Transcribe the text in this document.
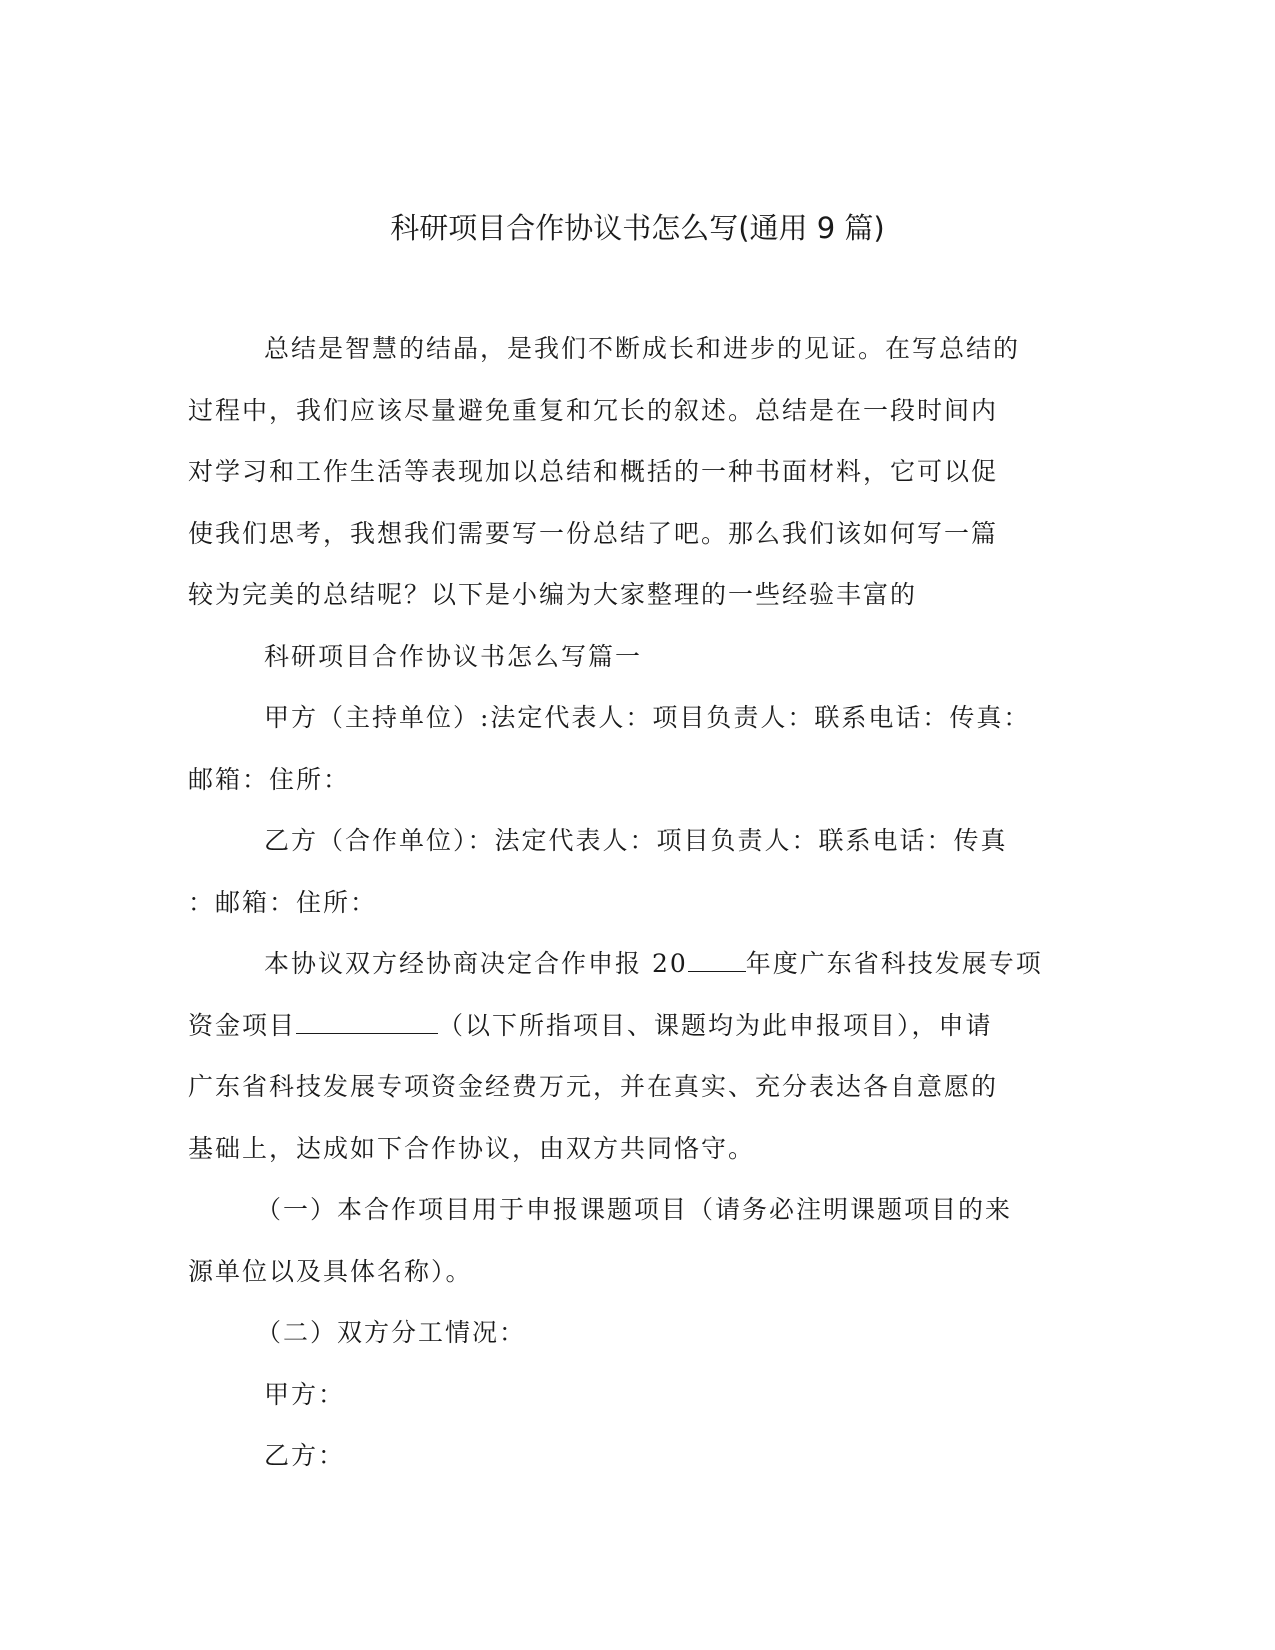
科研项目合作协议书怎么写(通用 9 篇)
总结是智慧的结晶，是我们不断成长和进步的见证。在写总结的
过程中，我们应该尽量避免重复和冗长的叙述。总结是在一段时间内
对学习和工作生活等表现加以总结和概括的一种书面材料，它可以促
使我们思考，我想我们需要写一份总结了吧。那么我们该如何写一篇
较为完美的总结呢？以下是小编为大家整理的一些经验丰富的
科研项目合作协议书怎么写篇一
甲方（主持单位）:法定代表人：项目负责人：联系电话：传真：
邮箱：住所：
乙方（合作单位）：法定代表人：项目负责人：联系电话：传真
：邮箱：住所：
本协议双方经协商决定合作申报 20 年度广东省科技发展专项
资金项目	（以下所指项目、课题均为此申报项目），申请
广东省科技发展专项资金经费万元，并在真实、充分表达各自意愿的
基础上，达成如下合作协议，由双方共同恪守。
（一）本合作项目用于申报课题项目（请务必注明课题项目的来
源单位以及具体名称）。
（二）双方分工情况：
甲方：
乙方：
